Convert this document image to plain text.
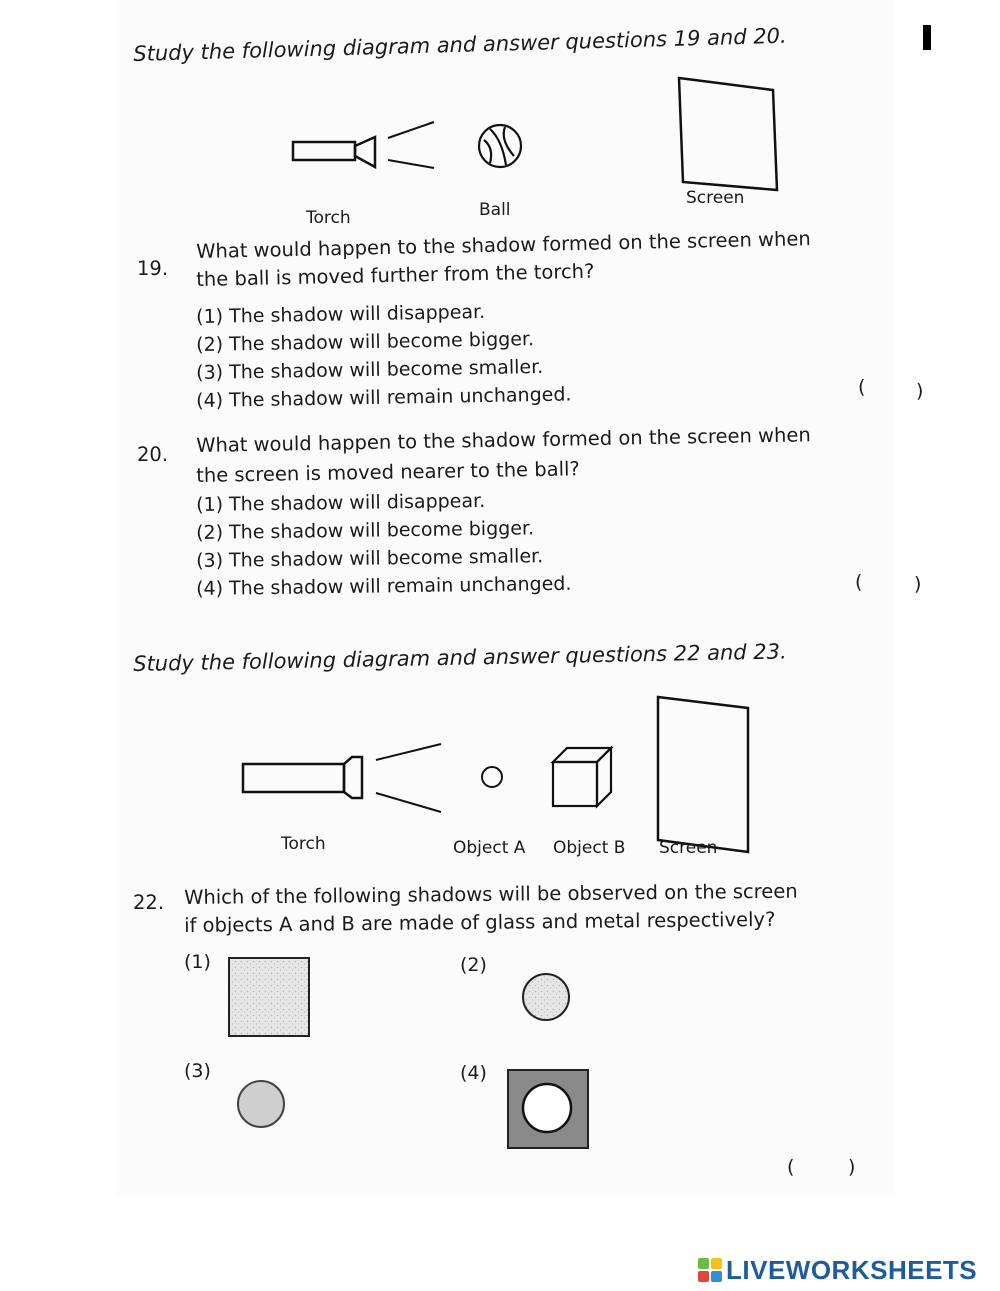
Study the following diagram and answer questions 19 and 20.
Torch	Ball
Screen
19.
What would happen to the shadow formed on the screen when
the ball is moved further from the torch?
(1) The shadow will disappear.
(2) The shadow will become bigger.
(3) The shadow will become smaller.
(4) The shadow will remain unchanged.	(	)
20. What would happen to the shadow formed on the screen when
the screen is moved nearer to the ball?
(1) The shadow will disappear.
(2) The shadow will become bigger.
(3) The shadow will become smaller.
(4) The shadow will remain unchanged.	(	)
Study the following diagram and answer questions 22 and 23.
Torch	Object A Object B Screen
22. Which of the following shadows will be observed on the screen
if objects A and B are made of glass and metal respectively?
(1)	(2)
(3)	(4)
(	)
LIVEWORKSHEETS
